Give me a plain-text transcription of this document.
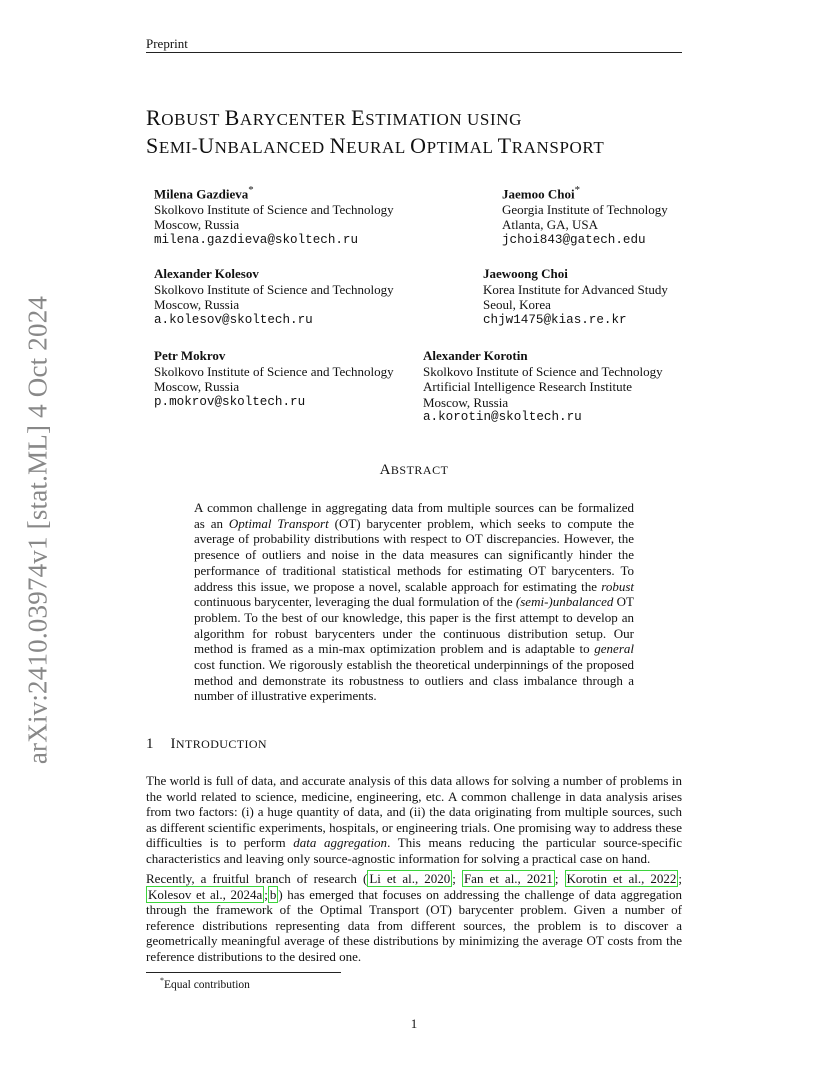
Preprint
arXiv:2410.03974v1 [stat.ML] 4 Oct 2024
ROBUST BARYCENTER ESTIMATION USING
SEMI-UNBALANCED NEURAL OPTIMAL TRANSPORT
Milena Gazdieva*
Skolkovo Institute of Science and Technology
Moscow, Russia
milena.gazdieva@skoltech.ru
Jaemoo Choi*
Georgia Institute of Technology
Atlanta, GA, USA
jchoi843@gatech.edu
Alexander Kolesov
Skolkovo Institute of Science and Technology
Moscow, Russia
a.kolesov@skoltech.ru
Jaewoong Choi
Korea Institute for Advanced Study
Seoul, Korea
chjw1475@kias.re.kr
Petr Mokrov
Skolkovo Institute of Science and Technology
Moscow, Russia
p.mokrov@skoltech.ru
Alexander Korotin
Skolkovo Institute of Science and Technology
Artificial Intelligence Research Institute
Moscow, Russia
a.korotin@skoltech.ru
ABSTRACT
A common challenge in aggregating data from multiple sources can be formalized as an Optimal Transport (OT) barycenter problem, which seeks to compute the average of probability distributions with respect to OT discrepancies. However, the presence of outliers and noise in the data measures can significantly hinder the performance of traditional statistical methods for estimating OT barycenters. To address this issue, we propose a novel, scalable approach for estimating the robust continuous barycenter, leveraging the dual formulation of the (semi-)unbalanced OT problem. To the best of our knowledge, this paper is the first attempt to develop an algorithm for robust barycenters under the continuous distribution setup. Our method is framed as a min-max optimization problem and is adaptable to general cost function. We rigorously establish the theoretical underpinnings of the proposed method and demonstrate its robustness to outliers and class imbalance through a number of illustrative experiments.
1 INTRODUCTION
The world is full of data, and accurate analysis of this data allows for solving a number of problems in the world related to science, medicine, engineering, etc. A common challenge in data analysis arises from two factors: (i) a huge quantity of data, and (ii) the data originating from multiple sources, such as different scientific experiments, hospitals, or engineering trials. One promising way to address these difficulties is to perform data aggregation. This means reducing the particular source-specific characteristics and leaving only source-agnostic information for solving a practical case on hand.
Recently, a fruitful branch of research ( Li et al., 2020 ; Fan et al., 2021 ; Korotin et al., 2022 ; Kolesov et al., 2024a ; b ) has emerged that focuses on addressing the challenge of data aggregation through the framework of the Optimal Transport (OT) barycenter problem. Given a number of reference distributions representing data from different sources, the problem is to discover a geometrically meaningful average of these distributions by minimizing the average OT costs from the reference distributions to the desired one.
*Equal contribution
1
